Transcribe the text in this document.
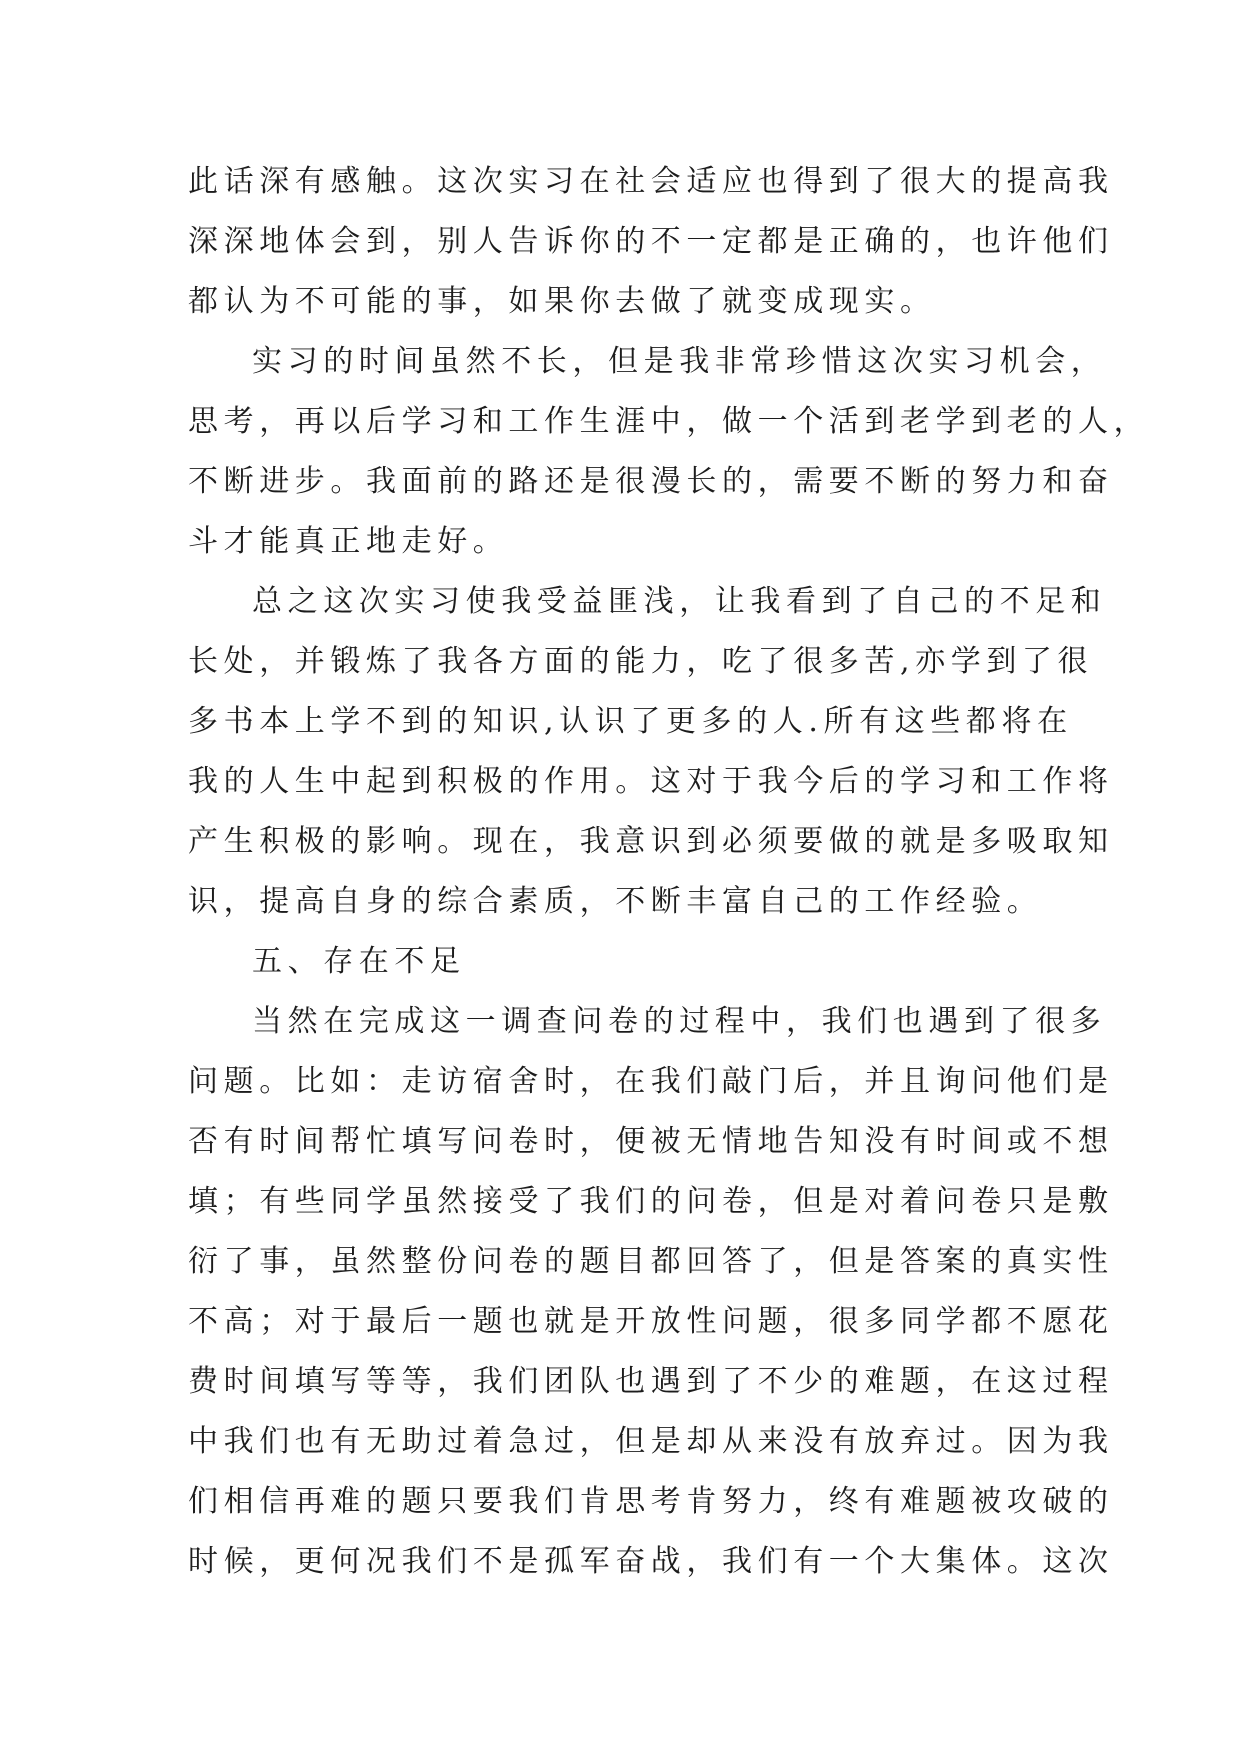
此话深有感触。这次实习在社会适应也得到了很大的提高我
深深地体会到，别人告诉你的不一定都是正确的，也许他们
都认为不可能的事，如果你去做了就变成现实。
实习的时间虽然不长，但是我非常珍惜这次实习机会，
思考，再以后学习和工作生涯中，做一个活到老学到老的人，
不断进步。我面前的路还是很漫长的，需要不断的努力和奋
斗才能真正地走好。
总之这次实习使我受益匪浅，让我看到了自己的不足和
长处，并锻炼了我各方面的能力，吃了很多苦,亦学到了很
多书本上学不到的知识,认识了更多的人.所有这些都将在
我的人生中起到积极的作用。这对于我今后的学习和工作将
产生积极的影响。现在，我意识到必须要做的就是多吸取知
识，提高自身的综合素质，不断丰富自己的工作经验。
五、存在不足
当然在完成这一调查问卷的过程中，我们也遇到了很多
问题。比如：走访宿舍时，在我们敲门后，并且询问他们是
否有时间帮忙填写问卷时，便被无情地告知没有时间或不想
填；有些同学虽然接受了我们的问卷，但是对着问卷只是敷
衍了事，虽然整份问卷的题目都回答了，但是答案的真实性
不高；对于最后一题也就是开放性问题，很多同学都不愿花
费时间填写等等，我们团队也遇到了不少的难题，在这过程
中我们也有无助过着急过，但是却从来没有放弃过。因为我
们相信再难的题只要我们肯思考肯努力，终有难题被攻破的
时候，更何况我们不是孤军奋战，我们有一个大集体。这次
